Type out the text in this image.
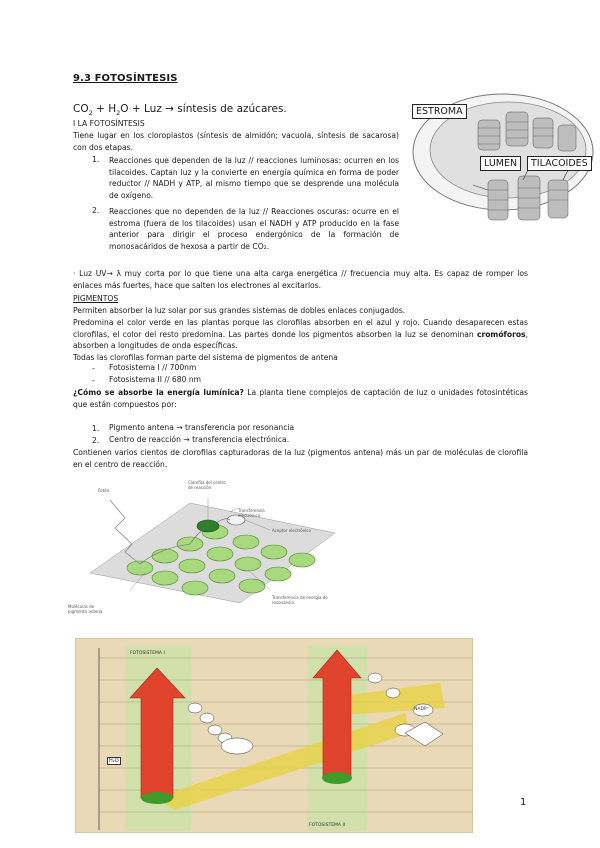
9.3 FOTOSÍNTESIS
$CO_2 + H_2O$ + Luz → síntesis de azúcares.
I LA FOTOSÍNTESIS
Tiene lugar en los cloroplastos (síntesis de almidón; vacuola, síntesis de sacarosa) con dos etapas.
1. Reacciones que dependen de la luz // reacciones luminosas: ocurren en los tilacoides. Captan luz y la convierte en energía química en forma de poder reductor // NADH y ATP, al mismo tiempo que se desprende una molécula de oxígeno.
2. Reacciones que no dependen de la luz // Reacciones oscuras: ocurre en el estroma (fuera de los tilacoides) usan el NADH y ATP producido en la fase anterior para dirigir el proceso endergónico de la formación de monosacáridos de hexosa a partir de CO₂.
ESTROMA
LUMEN	TILACOIDES
· Luz UV→ λ muy corta por lo que tiene una alta carga energética // frecuencia muy alta. Es capaz de romper los enlaces más fuertes, hace que salten los electrones al excitarlos.
PIGMENTOS
Permiten absorber la luz solar por sus grandes sistemas de dobles enlaces conjugados.
Predomina el color verde en las plantas porque las clorofilas absorben en el azul y rojo. Cuando desaparecen estas clorofilas, el color del resto predomina. Las partes donde los pigmentos absorben la luz se denominan cromóforos, absorben a longitudes de onda específicas.
Todas las clorofilas forman parte del sistema de pigmentos de antena
- Fotosistema I // 700nm
- Fotosistema II // 680 nm
¿Cómo se absorbe la energía lumínica? La planta tiene complejos de captación de luz o unidades fotosintéticas que están compuestos por:
1. Pigmento antena → transferencia por resonancia
2. Centro de reacción → transferencia electrónica.
Contienen varios cientos de clorofilas capturadoras de la luz (pigmentos antena) más un par de moléculas de clorofila en el centro de reacción.
Fotón
Clorofila del centro de reacción
Transferencia electrónica
Aceptor electrónico
Transferencia de energía de resonancia
Moléculas de pigmento antena
FOTOSISTEMA I
FOTOSISTEMA II
H₂O
NADP⁺
1
